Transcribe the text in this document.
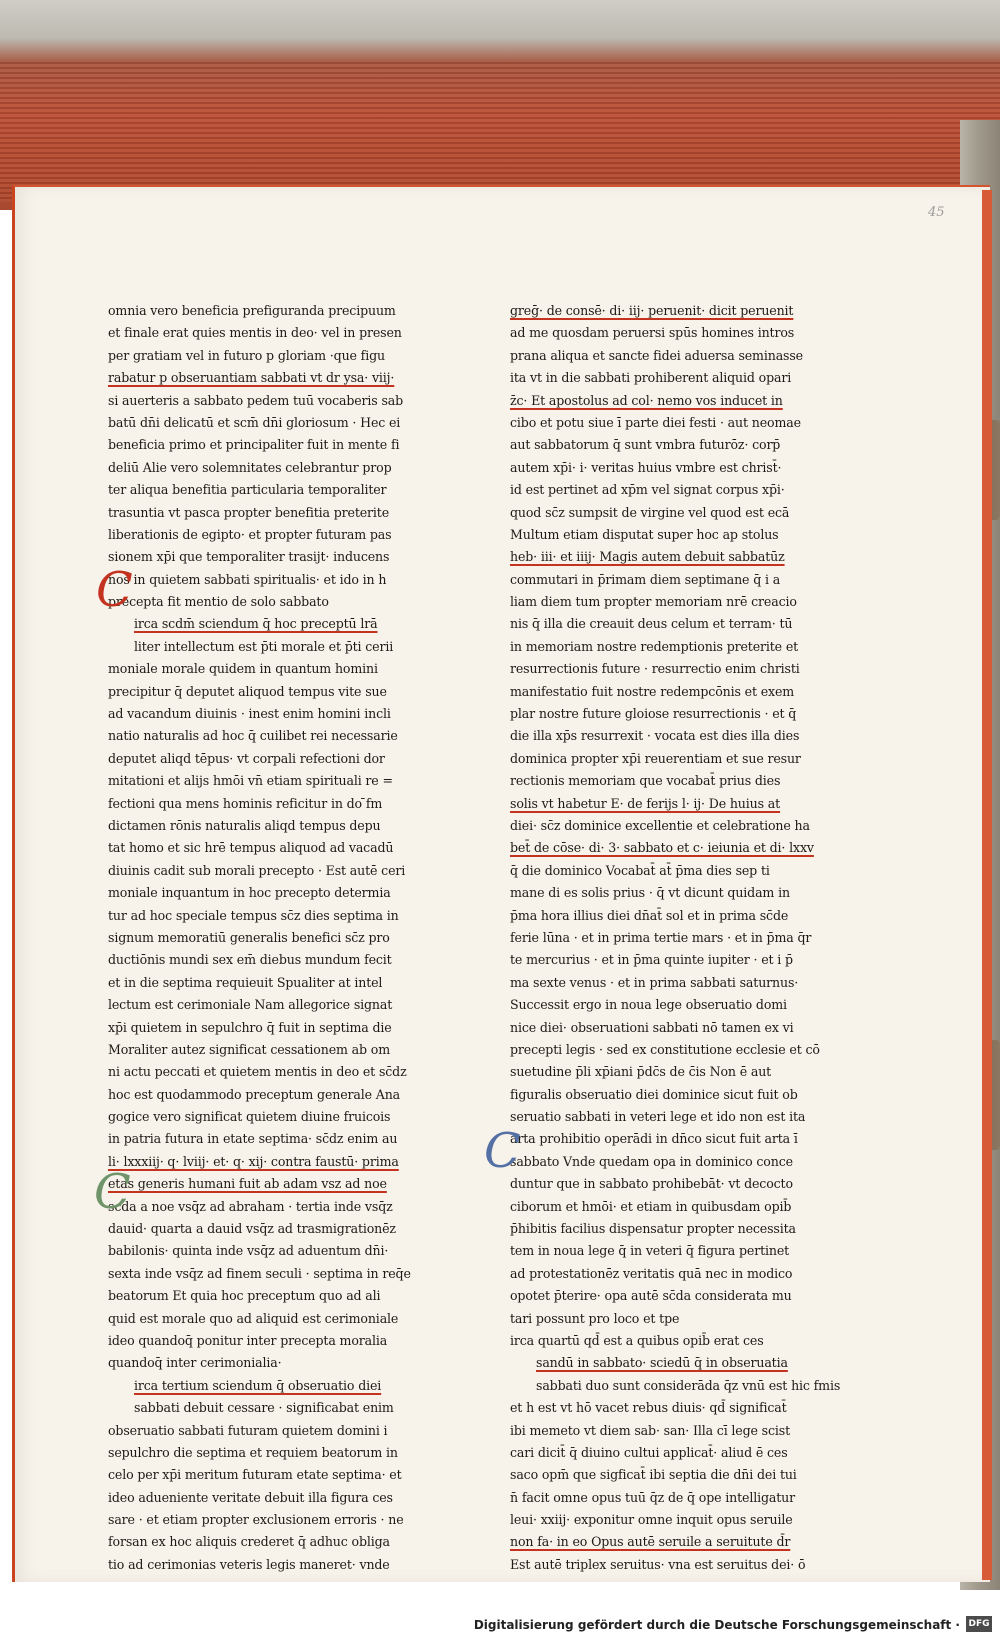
45
omnia vero beneficia prefiguranda precipuum
et finale erat quies mentis in deo· vel in presen
per gratiam vel in futuro p gloriam ·que figu
rabatur p obseruantiam sabbati vt dr ysa· viij·
si auerteris a sabbato pedem tuū vocaberis sab
batū dn̄i delicatū et scm̄ dn̄i gloriosum · Hec ei
beneficia primo et principaliter fuit in mente fi
deliū Alie vero solemnitates celebrantur prop
ter aliqua benefitia particularia temporaliter
trasuntia vt pasca propter benefitia preterite
liberationis de egipto· et propter futuram pas
sionem xp̄i que temporaliter trasijt· inducens
nos in quietem sabbati spiritualis· et ido in h
precepta fit mentio de solo sabbato
irca scdm̄ sciendum q̄ hoc preceptū lrā
liter intellectum est p̄ti morale et p̄ti cerii
moniale morale quidem in quantum homini
precipitur q̄ deputet aliquod tempus vite sue
ad vacandum diuinis · inest enim homini incli
natio naturalis ad hoc q̄ cuilibet rei necessarie
deputet aliqd tēpus· vt corpali refectioni dor
mitationi et alijs hmōi vn̄ etiam spirituali re =
fectioni qua mens hominis reficitur in do ̄fm
dictamen rōnis naturalis aliqd tempus depu
tat homo et sic hrē tempus aliquod ad vacadū
diuinis cadit sub morali precepto · Est autē ceri
moniale inquantum in hoc precepto determia
tur ad hoc speciale tempus sc̄z dies septima in
signum memoratiū generalis benefici sc̄z pro
ductiōnis mundi sex em̄ diebus mundum fecit
et in die septima requieuit Spualiter at intel
lectum est cerimoniale Nam allegorice signat
xp̄i quietem in sepulchro q̄ fuit in septima die
Moraliter autez significat cessationem ab om
ni actu peccati et quietem mentis in deo et sc̄dz
hoc est quodammodo preceptum generale Ana
gogice vero significat quietem diuine fruicois
in patria futura in etate septima· sc̄dz enim au
li· lxxxiij· q· lviij· et· q· xij· contra faustū· prima
etas generis humani fuit ab adam vsz ad noe
scda a noe vsq̄z ad abraham · tertia inde vsq̄z
dauid· quarta a dauid vsq̄z ad trasmigrationēz
babilonis· quinta inde vsq̄z ad aduentum dn̄i·
sexta inde vsq̄z ad finem seculi · septima in req̄e
beatorum Et quia hoc preceptum quo ad ali
quid est morale quo ad aliquid est cerimoniale
ideo quandoq̄ ponitur inter precepta moralia
quandoq̄ inter cerimonialia·
irca tertium sciendum q̄ obseruatio diei
sabbati debuit cessare · significabat enim
obseruatio sabbati futuram quietem domini i
sepulchro die septima et requiem beatorum in
celo per xp̄i meritum futuram etate septima· et
ideo adueniente veritate debuit illa figura ces
sare · et etiam propter exclusionem erroris · ne
forsan ex hoc aliquis crederet q̄ adhuc obliga
tio ad cerimonias veteris legis maneret· vnde
greḡ· de consē· di· iij· peruenit· dicit peruenit
ad me quosdam peruersi spūs homines intros
prana aliqua et sancte fidei aduersa seminasse
ita vt in die sabbati prohiberent aliquid opari
z̄c· Et apostolus ad col· nemo vos inducet in
cibo et potu siue ī parte diei festi · aut neomae
aut sabbatorum q̄ sunt vmbra futurōz· corp̄
autem xp̄i· i· veritas huius vmbre est christ̄·
id est pertinet ad xp̄m vel signat corpus xp̄i·
quod sc̄z sumpsit de virgine vel quod est ecā
Multum etiam disputat super hoc ap stolus
heb· iii· et iiij· Magis autem debuit sabbatūz
commutari in p̄rimam diem septimane q̄ i a
liam diem tum propter memoriam nrē creacio
nis q̄ illa die creauit deus celum et terram· tū
in memoriam nostre redemptionis preterite et
resurrectionis future · resurrectio enim christi
manifestatio fuit nostre redempcōnis et exem
plar nostre future gloiose resurrectionis · et q̄
die illa xp̄s resurrexit · vocata est dies illa dies
dominica propter xp̄i reuerentiam et sue resur
rectionis memoriam que vocabat̄ prius dies
solis vt habetur E· de ferijs l· ij· De huius at
diei· sc̄z dominice excellentie et celebratione ha
bet̄ de cōse· di· 3· sabbato et c· ieiunia et di· lxxv
q̄ die dominico Vocabat̄ at̄ p̄ma dies sep ti
mane di es solis prius · q̄ vt dicunt quidam in
p̄ma hora illius diei dn̄at̄ sol et in prima sc̄de
ferie lūna · et in prima tertie mars · et in p̄ma q̄r
te mercurius · et in p̄ma quinte iupiter · et i p̄
ma sexte venus · et in prima sabbati saturnus·
Successit ergo in noua lege obseruatio domi
nice diei· obseruationi sabbati nō tamen ex vi
precepti legis · sed ex constitutione ecclesie et cō
suetudine p̄li xp̄iani p̄dc̄s de c̄is Non ē aut
figuralis obseruatio diei dominice sicut fuit ob
seruatio sabbati in veteri lege et ido non est ita
arta prohibitio operādi in dn̄co sicut fuit arta ī
sabbato Vnde quedam opa in dominico conce
duntur que in sabbato prohibebāt· vt decocto
ciborum et hmōi· et etiam in quibusdam opib̄
p̄hibitis facilius dispensatur propter necessita
tem in noua lege q̄ in veteri q̄ figura pertinet
ad protestationēz veritatis quā nec in modico
opotet p̄terire· opa autē sc̄da considerata mu
tari possunt pro loco et tpe
irca quartū qd̄ est a quibus opib̄ erat ces
sandū in sabbato· sciedū q̄ in obseruatia
sabbati duo sunt considerāda q̄z vnū est hic fmis
et h est vt hō vacet rebus diuis· qd̄ significat̄
ibi memeto vt diem sab· san· Illa cī lege scist
cari dicit̄ q̄ diuino cultui applicat̄· aliud ē ces
saco opm̄ que sigficat̄ ibi septia die dn̄i dei tui
n̄ facit omne opus tuū q̄z de q̄ ope intelligatur
leui· xxiij· exponitur omne inquit opus seruile
non fa· in eo Opus autē seruile a seruitute d̄r
Est autē triplex seruitus· vna est seruitus dei· ō
C
C
C
Digitalisierung gefördert durch die Deutsche Forschungsgemeinschaft · DFG
